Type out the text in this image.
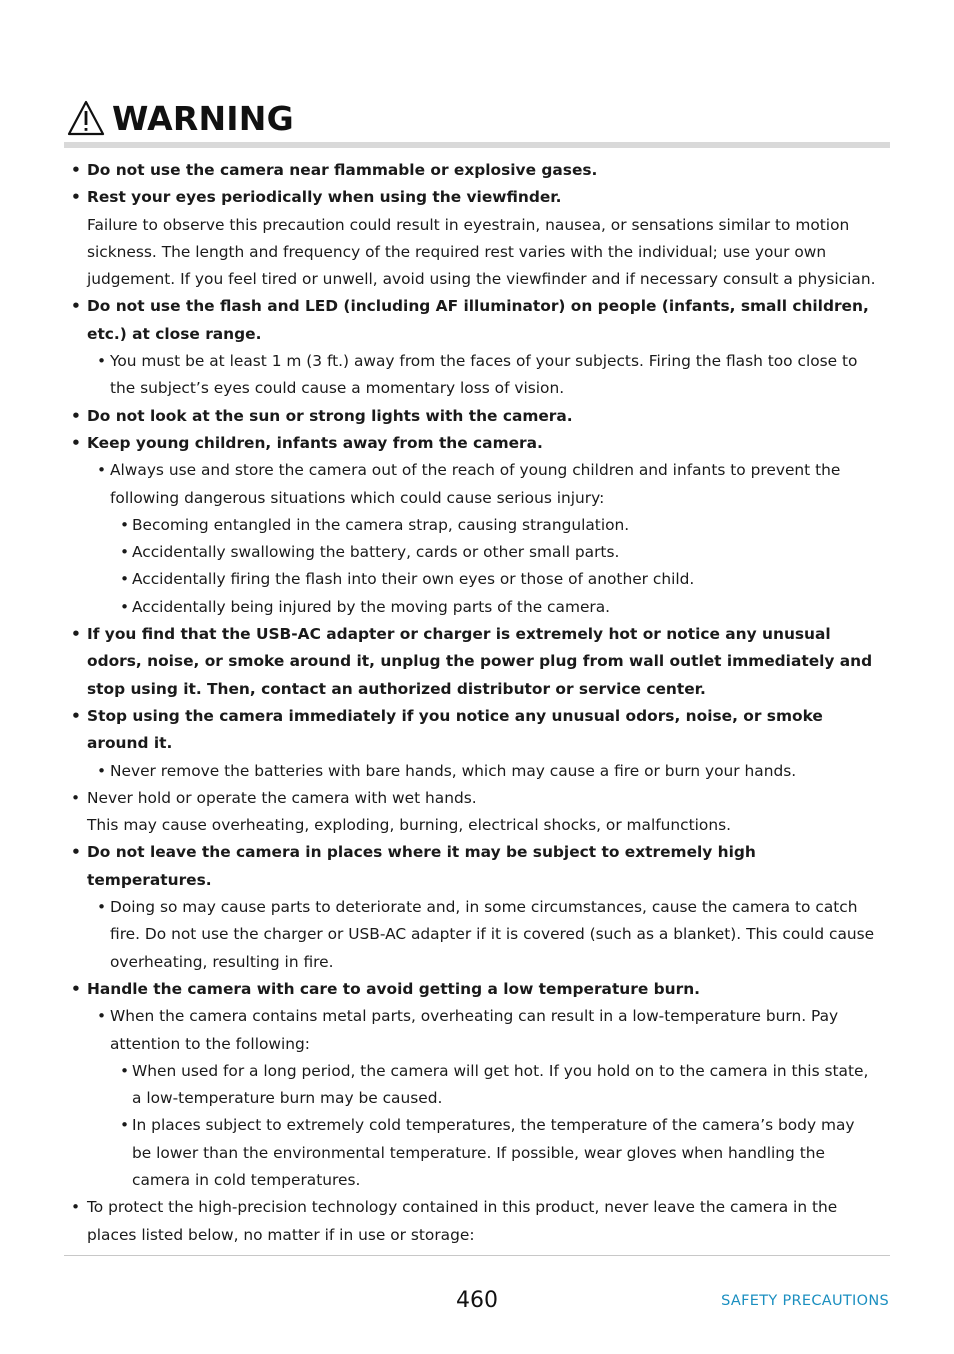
WARNING
• Do not use the camera near flammable or explosive gases.
• Rest your eyes periodically when using the viewfinder.
Failure to observe this precaution could result in eyestrain, nausea, or sensations similar to motion sickness. The length and frequency of the required rest varies with the individual; use your own judgement. If you feel tired or unwell, avoid using the viewfinder and if necessary consult a physician.
• Do not use the flash and LED (including AF illuminator) on people (infants, small children, etc.) at close range.
• You must be at least 1 m (3 ft.) away from the faces of your subjects. Firing the flash too close to the subject’s eyes could cause a momentary loss of vision.
• Do not look at the sun or strong lights with the camera.
• Keep young children, infants away from the camera.
• Always use and store the camera out of the reach of young children and infants to prevent the following dangerous situations which could cause serious injury:
• Becoming entangled in the camera strap, causing strangulation.
• Accidentally swallowing the battery, cards or other small parts.
• Accidentally firing the flash into their own eyes or those of another child.
• Accidentally being injured by the moving parts of the camera.
• If you find that the USB-AC adapter or charger is extremely hot or notice any unusual odors, noise, or smoke around it, unplug the power plug from wall outlet immediately and stop using it. Then, contact an authorized distributor or service center.
• Stop using the camera immediately if you notice any unusual odors, noise, or smoke around it.
• Never remove the batteries with bare hands, which may cause a fire or burn your hands.
• Never hold or operate the camera with wet hands.
This may cause overheating, exploding, burning, electrical shocks, or malfunctions.
• Do not leave the camera in places where it may be subject to extremely high temperatures.
• Doing so may cause parts to deteriorate and, in some circumstances, cause the camera to catch fire. Do not use the charger or USB-AC adapter if it is covered (such as a blanket). This could cause overheating, resulting in fire.
• Handle the camera with care to avoid getting a low temperature burn.
• When the camera contains metal parts, overheating can result in a low-temperature burn. Pay attention to the following:
• When used for a long period, the camera will get hot. If you hold on to the camera in this state, a low-temperature burn may be caused.
• In places subject to extremely cold temperatures, the temperature of the camera’s body may be lower than the environmental temperature. If possible, wear gloves when handling the camera in cold temperatures.
• To protect the high-precision technology contained in this product, never leave the camera in the places listed below, no matter if in use or storage:
460	SAFETY PRECAUTIONS
